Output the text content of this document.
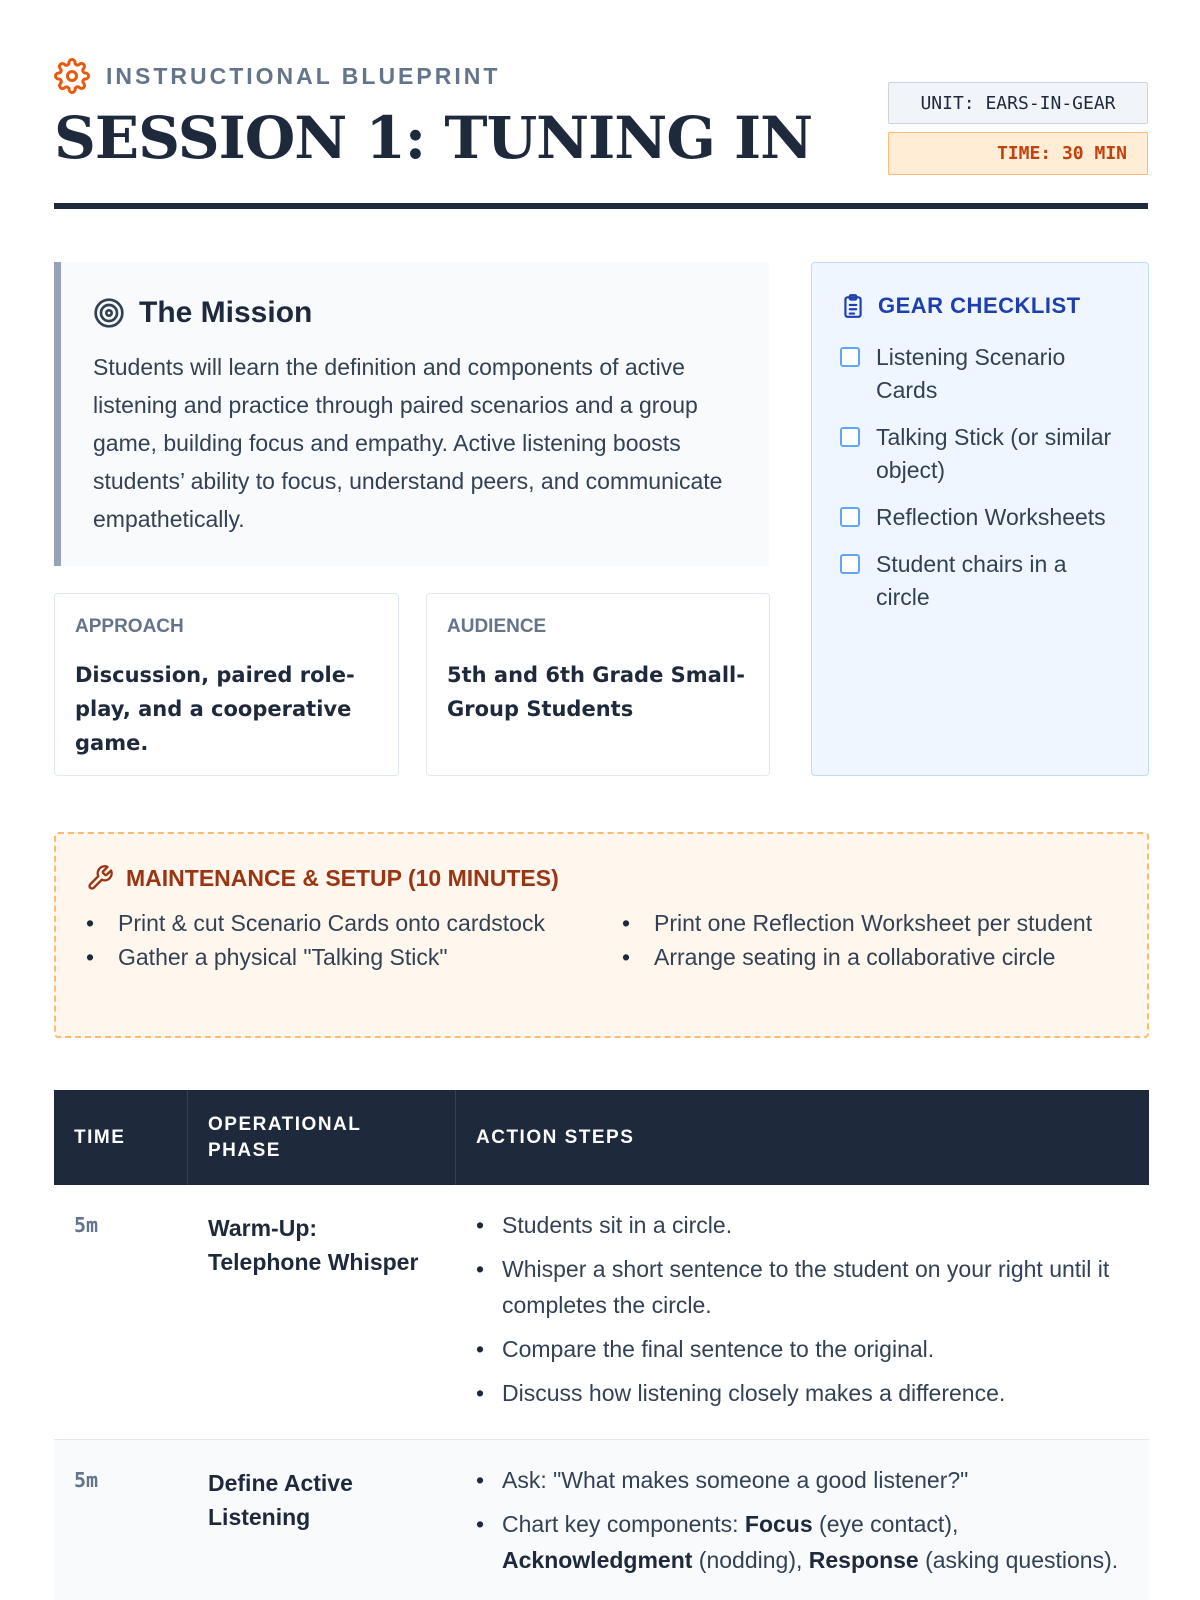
INSTRUCTIONAL BLUEPRINT
SESSION 1: TUNING IN
UNIT: EARS-IN-GEAR
TIME: 30 MIN
The Mission

Students will learn the definition and components of active listening and practice through paired scenarios and a group game, building focus and empathy. Active listening boosts students’ ability to focus, understand peers, and communicate empathetically.

APPROACH
Discussion, paired role-play, and a cooperative game.
AUDIENCE
5th and 6th Grade Small-Group Students
GEAR CHECKLIST
Listening Scenario Cards
Talking Stick (or similar object)
Reflection Worksheets
Student chairs in a circle
MAINTENANCE & SETUP (10 MINUTES)
• Print & cut Scenario Cards onto cardstock	• Print one Reflection Worksheet per student
• Gather a physical "Talking Stick"	• Arrange seating in a collaborative circle
TIME
OPERATIONAL PHASE
ACTION STEPS
5m	Warm-Up: Telephone Whisper
• Students sit in a circle.
• Whisper a short sentence to the student on your right until it completes the circle.
• Compare the final sentence to the original.
• Discuss how listening closely makes a difference.
5m	Define Active Listening
• Ask: "What makes someone a good listener?"
• Chart key components: Focus (eye contact), Acknowledgment (nodding), Response (asking questions).
